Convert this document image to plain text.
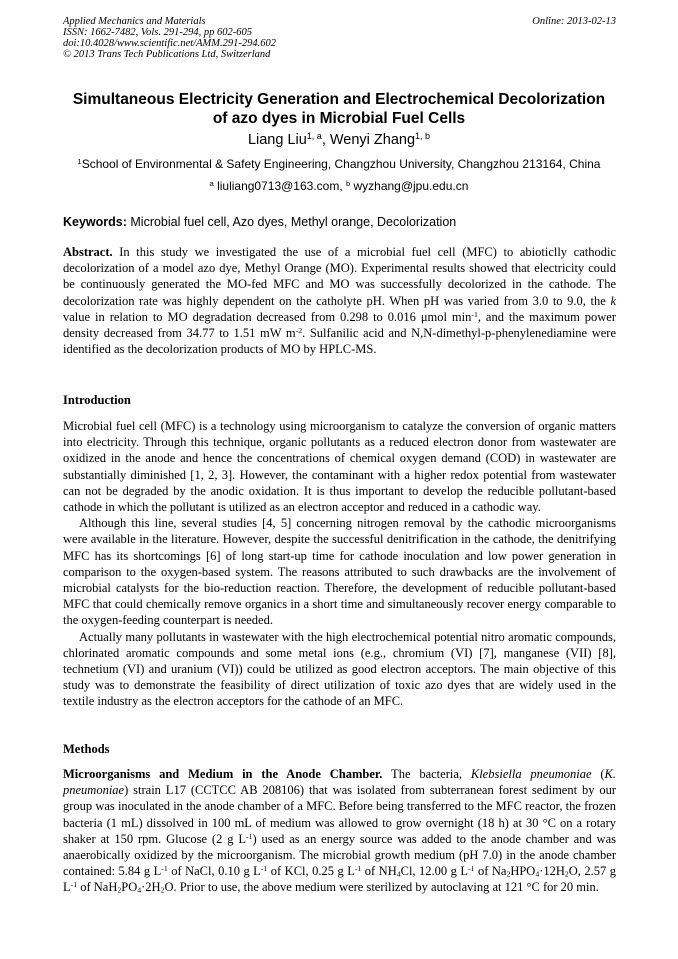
Applied Mechanics and Materials
ISSN: 1662-7482, Vols. 291-294, pp 602-605
doi:10.4028/www.scientific.net/AMM.291-294.602
© 2013 Trans Tech Publications Ltd, Switzerland
Online: 2013-02-13
Simultaneous Electricity Generation and Electrochemical Decolorization
of azo dyes in Microbial Fuel Cells
Liang Liu$^{1, a}$, Wenyi Zhang$^{1, b}$
$^1$School of Environmental & Safety Engineering, Changzhou University, Changzhou 213164, China
$^a$ liuliang0713@163.com, $^b$ wyzhang@jpu.edu.cn
Keywords: Microbial fuel cell, Azo dyes, Methyl orange, Decolorization
Abstract. In this study we investigated the use of a microbial fuel cell (MFC) to abioticlly cathodic decolorization of a model azo dye, Methyl Orange (MO). Experimental results showed that electricity could be continuously generated the MO-fed MFC and MO was successfully decolorized in the cathode. The decolorization rate was highly dependent on the catholyte pH. When pH was varied from 3.0 to 9.0, the k value in relation to MO degradation decreased from 0.298 to 0.016 μmol $\min^{-1}$, and the maximum power density decreased from 34.77 to 1.51 mW $m^{-2}$. Sulfanilic acid and N,N-dimethyl-p-phenylenediamine were identified as the decolorization products of MO by HPLC-MS.
Introduction

Microbial fuel cell (MFC) is a technology using microorganism to catalyze the conversion of organic matters into electricity. Through this technique, organic pollutants as a reduced electron donor from wastewater are oxidized in the anode and hence the concentrations of chemical oxygen demand (COD) in wastewater are substantially diminished [1, 2, 3]. However, the contaminant with a higher redox potential from wastewater can not be degraded by the anodic oxidation. It is thus important to develop the reducible pollutant-based cathode in which the pollutant is utilized as an electron acceptor and reduced in a cathodic way.

Although this line, several studies [4, 5] concerning nitrogen removal by the cathodic microorganisms were available in the literature. However, despite the successful denitrification in the cathode, the denitrifying MFC has its shortcomings [6] of long start-up time for cathode inoculation and low power generation in comparison to the oxygen-based system. The reasons attributed to such drawbacks are the involvement of microbial catalysts for the bio-reduction reaction. Therefore, the development of reducible pollutant-based MFC that could chemically remove organics in a short time and simultaneously recover energy comparable to the oxygen-feeding counterpart is needed.

Actually many pollutants in wastewater with the high electrochemical potential nitro aromatic compounds, chlorinated aromatic compounds and some metal ions (e.g., chromium (VI) [7], manganese (VII) [8], technetium (VI) and uranium (VI)) could be utilized as good electron acceptors. The main objective of this study was to demonstrate the feasibility of direct utilization of toxic azo dyes that are widely used in the textile industry as the electron acceptors for the cathode of an MFC.

Methods
Microorganisms and Medium in the Anode Chamber. The bacteria, Klebsiella pneumoniae (K. pneumoniae) strain L17 (CCTCC AB 208106) that was isolated from subterranean forest sediment by our group was inoculated in the anode chamber of a MFC. Before being transferred to the MFC reactor, the frozen bacteria (1 mL) dissolved in 100 mL of medium was allowed to grow overnight (18 h) at 30 °C on a rotary shaker at 150 rpm. Glucose (2 g $L^{-1}$) used as an energy source was added to the anode chamber and was anaerobically oxidized by the microorganism. The microbial growth medium (pH 7.0) in the anode chamber contained: 5.84 g $L^{-1}$ of NaCl, 0.10 g $L^{-1}$ of KCl, 0.25 g $L^{-1}$ of $NH_4Cl$, 12.00 g $L^{-1}$ of $Na_2HPO_4\cdot 12H_2O$, 2.57 g $L^{-1}$ of $NaH_2PO_4\cdot 2H_2O$. Prior to use, the above medium were sterilized by autoclaving at 121 °C for 20 min.
